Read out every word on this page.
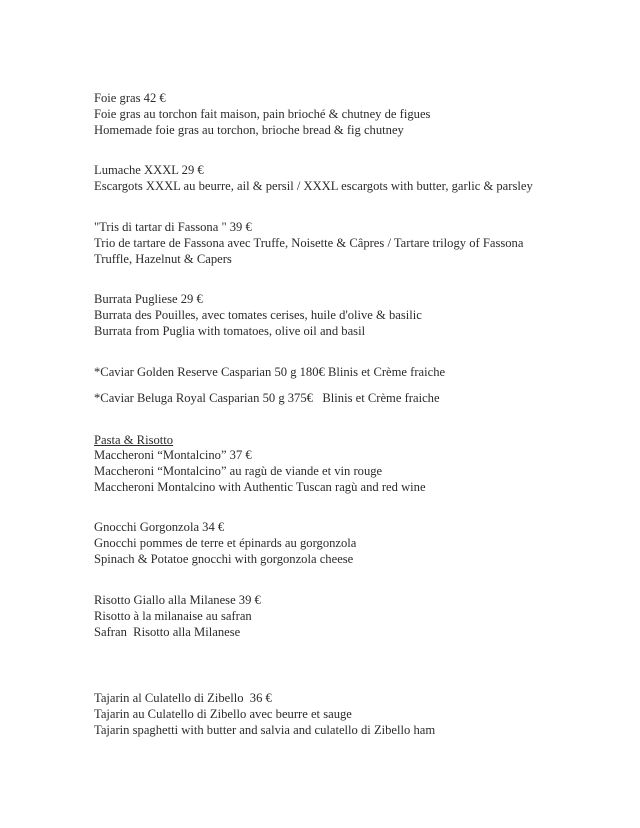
Foie gras 42 €
Foie gras au torchon fait maison, pain brioché & chutney de figues
Homemade foie gras au torchon, brioche bread & fig chutney
Lumache XXXL 29 €
Escargots XXXL au beurre, ail & persil / XXXL escargots with butter, garlic & parsley
"Tris di tartar di Fassona " 39 €
Trio de tartare de Fassona avec Truffe, Noisette & Câpres / Tartare trilogy of Fassona
Truffle, Hazelnut & Capers
Burrata Pugliese 29 €
Burrata des Pouilles, avec tomates cerises, huile d'olive & basilic
Burrata from Puglia with tomatoes, olive oil and basil
*Caviar Golden Reserve Casparian 50 g 180€ Blinis et Crème fraiche
*Caviar Beluga Royal Casparian 50 g 375€   Blinis et Crème fraiche
Pasta & Risotto
Maccheroni “Montalcino” 37 €
Maccheroni “Montalcino” au ragù de viande et vin rouge
Maccheroni Montalcino with Authentic Tuscan ragù and red wine
Gnocchi Gorgonzola 34 €
Gnocchi pommes de terre et épinards au gorgonzola
Spinach & Potatoe gnocchi with gorgonzola cheese
Risotto Giallo alla Milanese 39 €
Risotto à la milanaise au safran
Safran  Risotto alla Milanese
Tajarin al Culatello di Zibello  36 €
Tajarin au Culatello di Zibello avec beurre et sauge
Tajarin spaghetti with butter and salvia and culatello di Zibello ham
